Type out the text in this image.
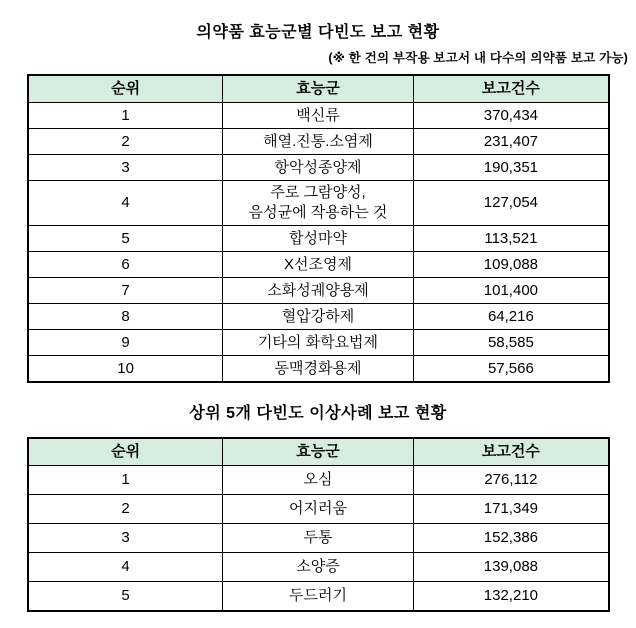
의약품 효능군별 다빈도 보고 현황
(※ 한 건의 부작용 보고서 내 다수의 의약품 보고 가능)
순위	효능군	보고건수
1	백신류	370,434
2	해열.진통.소염제	231,407
3	항악성종양제	190,351
4	주로 그람양성,
음성균에 작용하는 것	127,054
5	합성마약	113,521
6	X선조영제	109,088
7	소화성궤양용제	101,400
8	혈압강하제	64,216
9	기타의 화학요법제	58,585
10	동맥경화용제	57,566
상위 5개 다빈도 이상사례 보고 현황
순위	효능군	보고건수
1	오심	276,112
2	어지러움	171,349
3	두통	152,386
4	소양증	139,088
5	두드러기	132,210
